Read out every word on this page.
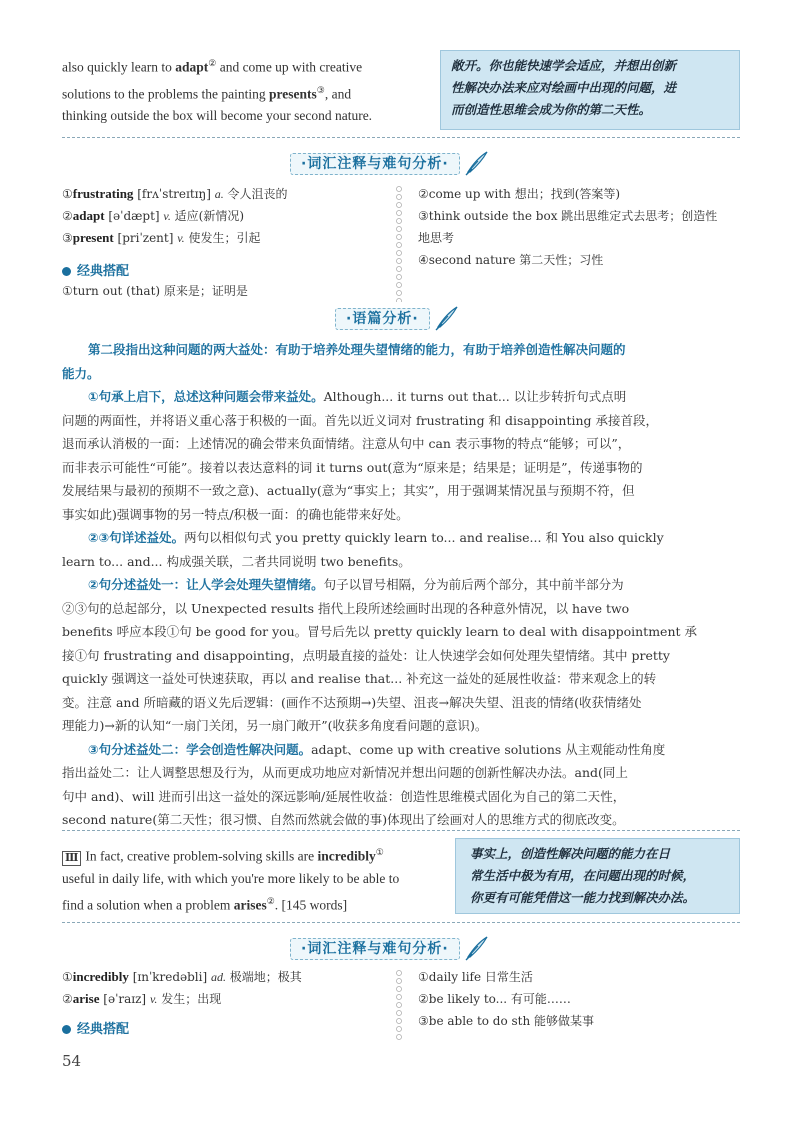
also quickly learn to adapt② and come up with creative
solutions to the problems the painting presents③, and
thinking outside the box will become your second nature.
敞开。你也能快速学会适应，并想出创新
性解决办法来应对绘画中出现的问题，进
而创造性思维会成为你的第二天性。
·词汇注释与难句分析·
①frustrating [frʌˈstreɪtɪŋ] a. 令人沮丧的
②adapt [əˈdæpt] v. 适应(新情况)
③present [priˈzent] v. 使发生；引起
经典搭配
①turn out (that) 原来是；证明是
②come up with 想出；找到(答案等)
③think outside the box 跳出思维定式去思考；创造性
地思考
④second nature 第二天性；习性
·语篇分析·
第二段指出这种问题的两大益处：有助于培养处理失望情绪的能力，有助于培养创造性解决问题的
能力。
①句承上启下，总述这种问题会带来益处。Although... it turns out that... 以让步转折句式点明
问题的两面性，并将语义重心落于积极的一面。首先以近义词对 frustrating 和 disappointing 承接首段，
退而承认消极的一面：上述情况的确会带来负面情绪。注意从句中 can 表示事物的特点“能够；可以”，
而非表示可能性“可能”。接着以表达意料的词 it turns out(意为“原来是；结果是；证明是”，传递事物的
发展结果与最初的预期不一致之意)、actually(意为“事实上；其实”，用于强调某情况虽与预期不符，但
事实如此)强调事物的另一特点/积极一面：的确也能带来好处。
②③句详述益处。两句以相似句式 you pretty quickly learn to... and realise... 和 You also quickly
learn to... and... 构成强关联，二者共同说明 two benefits。
②句分述益处一：让人学会处理失望情绪。句子以冒号相隔，分为前后两个部分，其中前半部分为
②③句的总起部分，以 Unexpected results 指代上段所述绘画时出现的各种意外情况，以 have two
benefits 呼应本段①句 be good for you。冒号后先以 pretty quickly learn to deal with disappointment 承
接①句 frustrating and disappointing，点明最直接的益处：让人快速学会如何处理失望情绪。其中 pretty
quickly 强调这一益处可快速获取，再以 and realise that... 补充这一益处的延展性收益：带来观念上的转
变。注意 and 所暗藏的语义先后逻辑：(画作不达预期→)失望、沮丧→解决失望、沮丧的情绪(收获情绪处
理能力)→新的认知“一扇门关闭，另一扇门敞开”(收获多角度看问题的意识)。
③句分述益处二：学会创造性解决问题。adapt、come up with creative solutions 从主观能动性角度
指出益处二：让人调整思想及行为，从而更成功地应对新情况并想出问题的创新性解决办法。and(同上
句中 and)、will 进而引出这一益处的深远影响/延展性收益：创造性思维模式固化为自己的第二天性，
second nature(第二天性；很习惯、自然而然就会做的事)体现出了绘画对人的思维方式的彻底改变。
Ⅲ In fact, creative problem-solving skills are incredibly①
useful in daily life, with which you're more likely to be able to
find a solution when a problem arises②. [145 words]
事实上，创造性解决问题的能力在日
常生活中极为有用，在问题出现的时候，
你更有可能凭借这一能力找到解决办法。
·词汇注释与难句分析·
①incredibly [ɪnˈkredəbli] ad. 极端地；极其
②arise [əˈraɪz] v. 发生；出现
经典搭配
①daily life 日常生活
②be likely to... 有可能……
③be able to do sth 能够做某事
54
